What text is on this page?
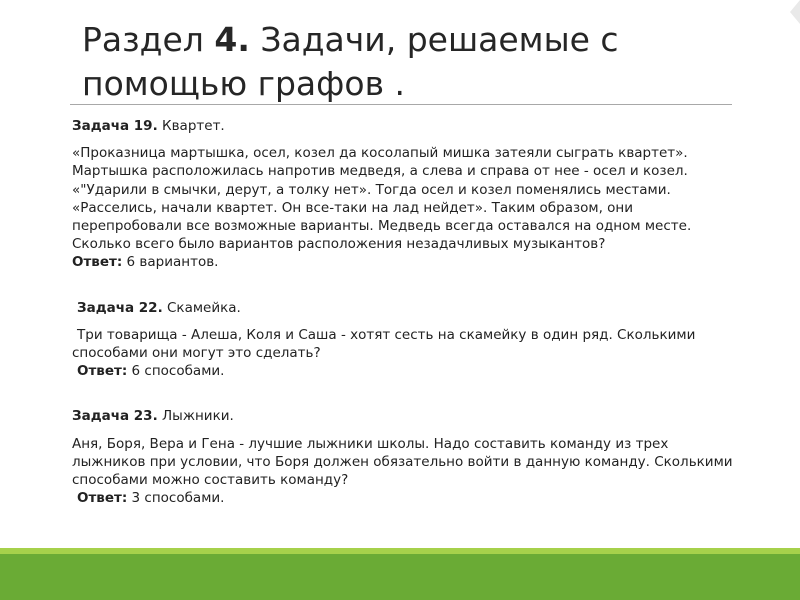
Раздел 4. Задачи, решаемые с
помощью графов .

Задача 19. Квартет.

«Проказница мартышка, осел, козел да косолапый мишка затеяли сыграть квартет». Мартышка расположилась напротив медведя, а слева и справа от нее - осел и козел. «"Ударили в смычки, дерут, а толку нет». Тогда осел и козел поменялись местами. «Расселись, начали квартет. Он все-таки на лад нейдет». Таким образом, они перепробовали все возможные варианты. Медведь всегда оставался на одном месте. Сколько всего было вариантов расположения незадачливых музыкантов?

Ответ: 6 вариантов.

Задача 22. Скамейка.

Три товарища - Алеша, Коля и Саша - хотят сесть на скамейку в один ряд. Сколькими способами они могут это сделать?

Ответ: 6 способами.

Задача 23. Лыжники.

Аня, Боря, Вера и Гена - лучшие лыжники школы. Надо составить команду из трех лыжников при условии, что Боря должен обязательно войти в данную команду. Сколькими способами можно составить команду?

Ответ: 3 способами.
